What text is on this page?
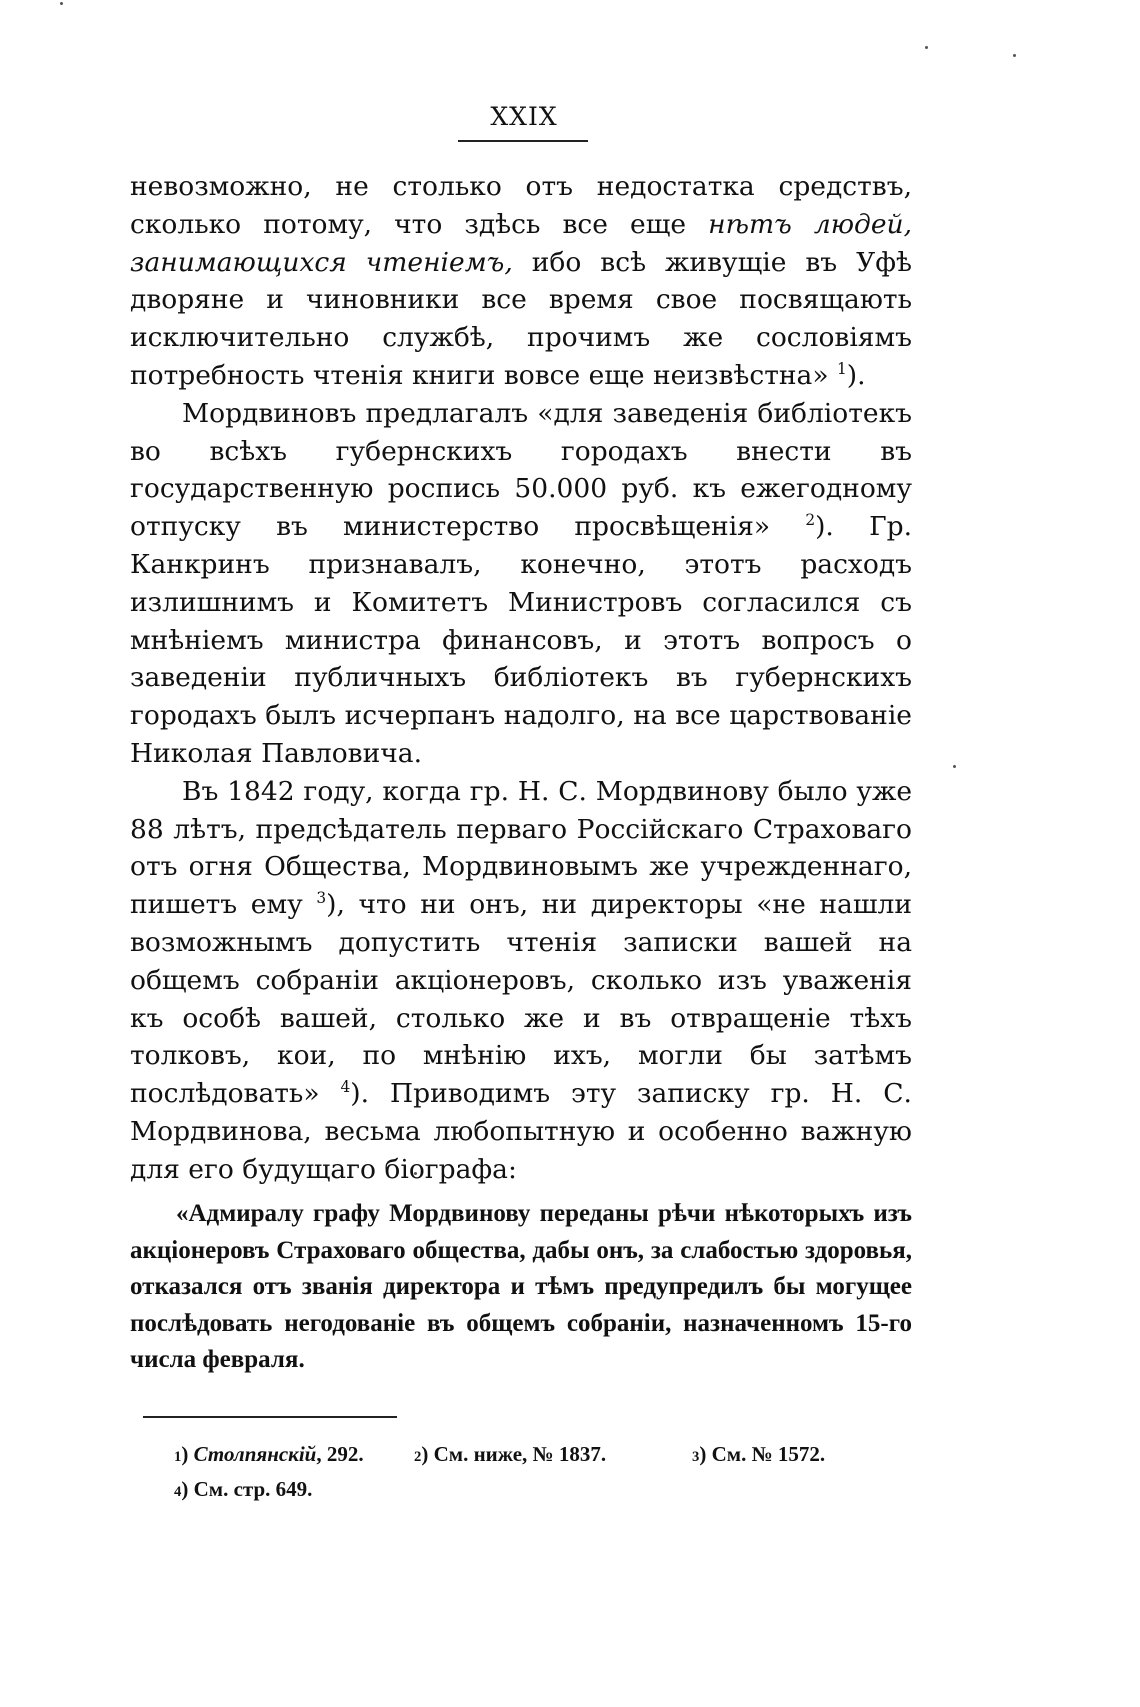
XXIX

невозможно, не столько отъ недостатка средствъ, сколько потому, что здѣсь все еще нѣтъ людей, занимающихся чтеніемъ, ибо всѣ живущіе въ Уфѣ дворяне и чиновники все время свое посвящають исключительно службѣ, прочимъ же сословіямъ потребность чтенія книги вовсе еще неизвѣстна» $^1$).

Мордвиновъ предлагалъ «для заведенія библіотекъ во всѣхъ губернскихъ городахъ внести въ государственную роспись 50.000 руб. къ ежегодному отпуску въ министерство просвѣщенія» $^2$). Гр. Канкринъ признавалъ, конечно, этотъ расходъ излишнимъ и Комитетъ Министровъ согласился съ мнѣніемъ министра финансовъ, и этотъ вопросъ о заведеніи публичныхъ библіотекъ въ губернскихъ городахъ былъ исчерпанъ надолго, на все царствованіе Николая Павловича.

Въ 1842 году, когда гр. Н. С. Мордвинову было уже 88 лѣтъ, предсѣдатель перваго Россійскаго Страховаго отъ огня Общества, Мордвиновымъ же учрежденнаго, пишетъ ему $^3$), что ни онъ, ни директоры «не нашли возможнымъ допустить чтенія записки вашей на общемъ собраніи акціонеровъ, сколько изъ уваженія къ особѣ вашей, столько же и въ отвращеніе тѣхъ толковъ, кои, по мнѣнію ихъ, могли бы затѣмъ послѣдовать» $^4$). Приводимъ эту записку гр. Н. С. Мордвинова, весьма любопытную и особенно важную для его будущаго біографа:

«Адмиралу графу Мордвинову переданы рѣчи нѣкоторыхъ изъ акціонеровъ Страховаго общества, дабы онъ, за слабостью здоровья, отказался отъ званія директора и тѣмъ предупредилъ бы могущее послѣдовать негодованіе въ общемъ собраніи, назначенномъ 15-го числа февраля.

1) Столпянскій, 292.	2) См. ниже, № 1837.	3) См. № 1572.
4) См. стр. 649.
